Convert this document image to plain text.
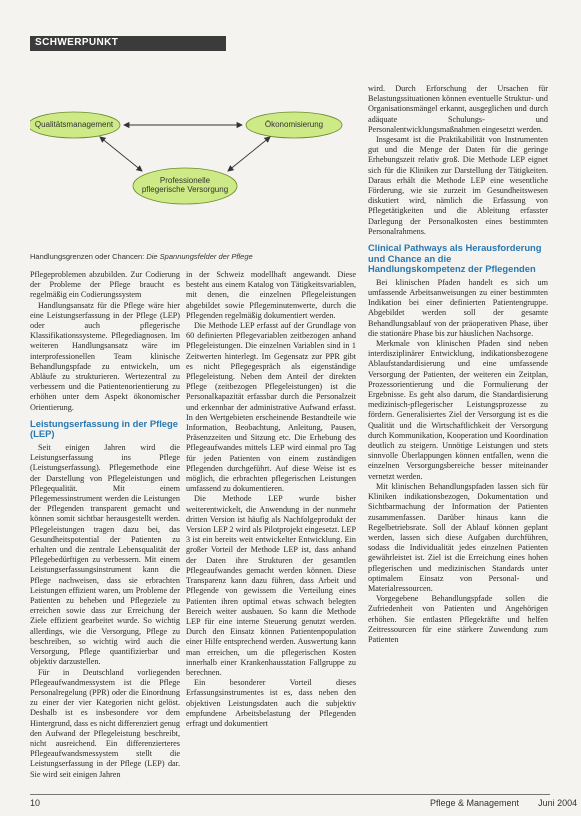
SCHWERPUNKT
Qualitätsmanagement	Ökonomisierung
Professionelle pflegerische Versorgung
Handlungsgrenzen oder Chancen: Die Spannungsfelder der Pflege

Pflegeproblemen abzubilden. Zur Codierung der Probleme der Pflege braucht es regelmäßig ein Codierungssystem

Handlungsansatz für die Pflege wäre hier eine Leistungserfassung in der Pflege (LEP) oder auch pflegerische Klassifikationssysteme. Pflegediagnosen. Im weiteren Handlungsansatz wäre im interprofessionellen Team klinische Behandlungspfade zu entwickeln, um Abläufe zu strukturieren. Wertezentral zu verbessern und die Patientenorientierung zu erhöhen unter dem Aspekt ökonomischer Orientierung.

Leistungserfassung in der Pflege (LEP)

Seit einigen Jahren wird die Leistungserfassung ins Pflege (Leistungserfassung). Pflegemethode eine der Darstellung von Pflegeleistungen und Pflegequalität. Mit einem Pflegemessinstrument werden die Leistungen der Pflegenden transparent gemacht und können somit sichtbar herausgestellt werden. Pflegeleistungen tragen dazu bei, das Gesundheitspotential der Patienten zu erhalten und die zentrale Lebensqualität der Pflegebedürftigen zu verbessern. Mit einem Leistungserfassungsinstrument kann die Pflege nachweisen, dass sie erbrachten Leistungen effizient waren, um Probleme der Patienten zu beheben und Pflegeziele zu erreichen sowie dass zur Erreichung der Ziele effizient gearbeitet wurde. So wichtig allerdings, wie die Versorgung, Pflege zu beschreiben, so wichtig wird auch die Versorgung, Pflege quantifizierbar und objektiv darzustellen.

Für in Deutschland vorliegenden Pflegeaufwandmessystem ist die Pflege Personalregelung (PPR) oder die Einordnung zu einer der vier Kategorien nicht gelöst. Deshalb ist es insbesondere vor dem Hintergrund, dass es nicht differenziert genug den Aufwand der Pflegeleistung beschreibt, nicht ausreichend. Ein differenzierteres Pflegeaufwandsmessystem stellt die Leistungserfassung in der Pflege (LEP) dar. Sie wird seit einigen Jahren

in der Schweiz modellhaft angewandt. Diese besteht aus einem Katalog von Tätigkeitsvariablen, mit denen, die einzelnen Pflegeleistungen abgebildet sowie Pflegeminutenwerte, durch die Pflegenden regelmäßig dokumentiert werden.

Die Methode LEP erfasst auf der Grundlage von 60 definierten Pflegevariablen zeitbezogen anhand Pflegeleistungen. Die einzelnen Variablen sind in 1 Zeitwerten hinterlegt. Im Gegensatz zur PPR gibt es nicht Pflegegespräch als eigenständige Pflegeleistung. Neben dem Anteil der direkten Pflege (zeitbezogen Pflegeleistungen) ist die Personalkapazität erfassbar durch die Personalzeit und erkennbar der administrative Aufwand erfasst. In den Wertgebieten erscheinende Bestandteile wie Information, Beobachtung, Anleitung, Pausen, Präsenzzeiten und Sitzung etc. Die Erhebung des Pflegeaufwandes mittels LEP wird einmal pro Tag für jeden Patienten von einem zuständigen Pflegenden durchgeführt. Auf diese Weise ist es möglich, die erbrachten pflegerischen Leistungen umfassend zu dokumentieren.

Die Methode LEP wurde bisher weiterentwickelt, die Anwendung in der nunmehr dritten Version ist häufig als Nachfolgeprodukt der Version LEP 2 wird als Pilotprojekt eingesetzt. LEP 3 ist ein bereits weit entwickelter Entwicklung. Ein großer Vorteil der Methode LEP ist, dass anhand der Daten ihre Strukturen der gesamtlen Pflegeaufwandes gemacht werden können. Diese Transparenz kann dazu führen, dass Arbeit und Pflegende von gewissem die Verteilung eines Patienten ihren optimal etwas schwach belegten Bereich weiter ausbauen. So kann die Methode LEP für eine interne Steuerung genutzt werden. Durch den Einsatz können Patientenpopulation einer Hilfe entsprechend werden. Auswertung kann man erreichen, um die pflegerischen Kosten innerhalb einer Krankenhausstation Fallgruppe zu berechnen.

Ein besonderer Vorteil dieses Erfassungsinstrumentes ist es, dass neben den objektiven Leistungsdaten auch die subjektiv empfundene Arbeitsbelastung der Pflegenden erfragt und dokumentiert

wird. Durch Erforschung der Ursachen für Belastungssituationen können eventuelle Struktur- und Organisationsmängel erkannt, ausgeglichen und durch adäquate Schulungs- und Personalentwicklungsmaßnahmen eingesetzt werden.

Insgesamt ist die Praktikabilität von Instrumenten gut und die Menge der Daten für die geringe Erhebungszeit relativ groß. Die Methode LEP eignet sich für die Kliniken zur Darstellung der Tätigkeiten. Daraus erhält die Methode LEP eine wesentliche Förderung, wie sie zurzeit im Gesundheitswesen diskutiert wird, nämlich die Erfassung von Pflegetätigkeiten und die Ableitung erfasster Darlegung der Personalkosten eines bestimmten Personalrahmens.

Clinical Pathways als Herausforderung und Chance an die Handlungskompetenz der Pflegenden

Bei klinischen Pfaden handelt es sich um umfassende Arbeitsanweisungen zu einer bestimmten Indikation bei einer definierten Patientengruppe. Abgebildet werden soll der gesamte Behandlungsablauf von der präoperativen Phase, über die stationäre Phase bis zur häuslichen Nachsorge.

Merkmale von klinischen Pfaden sind neben interdisziplinärer Entwicklung, indikationsbezogene Ablaufstandardisierung und eine umfassende Versorgung der Patienten, der weiteren ein Zeitplan, Prozessorientierung und die Formulierung der Ergebnisse. Es geht also darum, die Standardisierung medizinisch-pflegerischer Leistungsprozesse zu fördern. Generalisiertes Ziel der Versorgung ist es die Qualität und die Wirtschaftlichkeit der Versorgung durch Kommunikation, Kooperation und Koordination deutlich zu steigern. Unnötige Leistungen und stets sinnvolle Überlappungen können entfallen, wenn die einzelnen Versorgungsbereiche besser miteinander vernetzt werden.

Mit klinischen Behandlungspfaden lassen sich für Kliniken indikationsbezogen, Dokumentation und Sichtbarmachung der Information der Patienten zusammenfassen. Darüber hinaus kann die Regelbetriebsrate. Soll der Ablauf können geplant werden, lassen sich diese Aufgaben durchführen, sodass die Individualität jedes einzelnen Patienten gewährleistet ist. Ziel ist die Erreichung eines hohen pflegerischen und medizinischen Standards unter optimalem Einsatz von Personal- und Materialressourcen.

Vorgegebene Behandlungspfade sollen die Zufriedenheit von Patienten und Angehörigen erhöhen. Sie entlasten Pflegekräfte und helfen Zeitressourcen für eine stärkere Zuwendung zum Patienten

10	Pflege & Management Juni 2004
